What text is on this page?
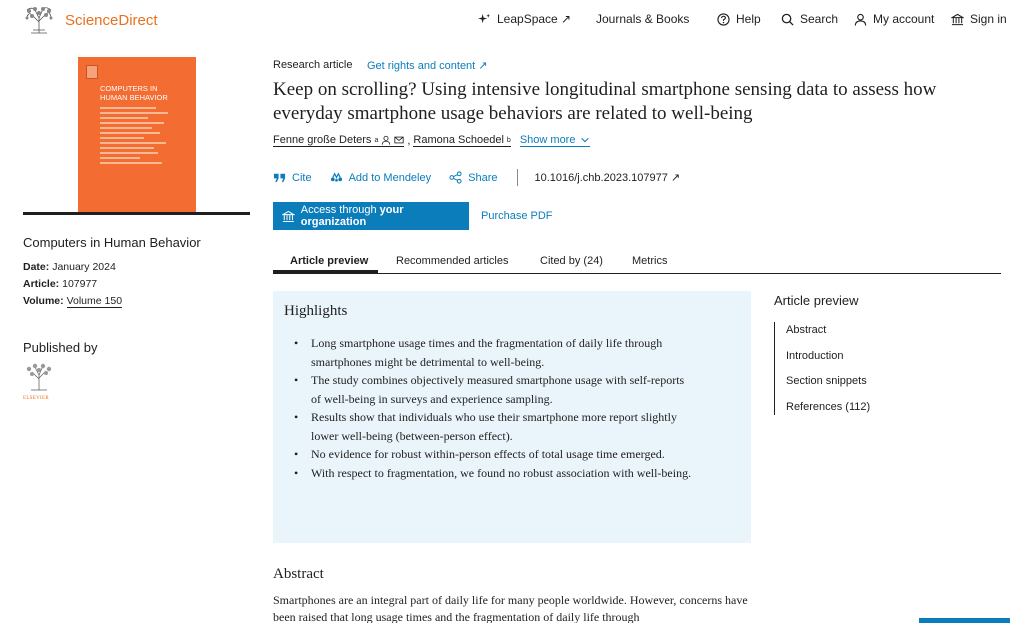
ScienceDirect	LeapSpace ↗ Journals & Books	Help	Search	My account	Sign in
COMPUTERS IN HUMAN BEHAVIOR
Computers in Human Behavior
Date: January 2024
Article: 107977
Volume: Volume 150
Published by
ELSEVIER
Research article Get rights and content ↗
Keep on scrolling? Using intensive longitudinal smartphone sensing data to assess how everyday smartphone usage behaviors are related to well-being
Fenne große Deters a	, Ramona Schoedel b Show more
Cite	Add to Mendeley	Share	10.1016/j.chb.2023.107977 ↗
Access through your organization	Purchase PDF
Article preview	Recommended articles	Cited by (24)	Metrics
Highlights
• Long smartphone usage times and the fragmentation of daily life through smartphones might be detrimental to well-being.
• The study combines objectively measured smartphone usage with self-reports of well-being in surveys and experience sampling.
• Results show that individuals who use their smartphone more report slightly lower well-being (between-person effect).
• No evidence for robust within-person effects of total usage time emerged.
• With respect to fragmentation, we found no robust association with well-being.
Abstract
Smartphones are an integral part of daily life for many people worldwide. However, concerns have been raised that long usage times and the fragmentation of daily life through
Article preview
Abstract
Introduction
Section snippets
References (112)
